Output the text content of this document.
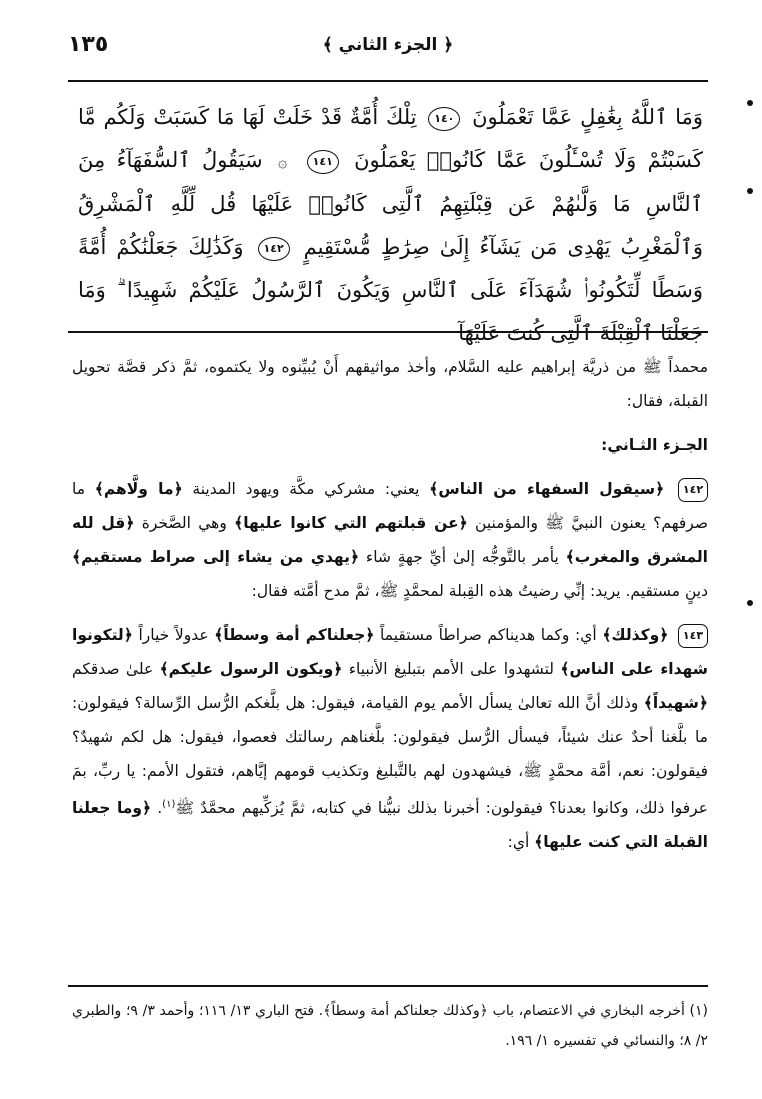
﴿ الجزء الثاني ﴾
١٣٥
وَمَا ٱللَّهُ بِغَٰفِلٍ عَمَّا تَعْمَلُونَ ١٤٠ تِلْكَ أُمَّةٌ قَدْ خَلَتْ لَهَا مَا كَسَبَتْ وَلَكُم مَّا كَسَبْتُمْ وَلَا تُسْـَٔلُونَ عَمَّا كَانُوا۟ يَعْمَلُونَ ١٤١ ۞ سَيَقُولُ ٱلسُّفَهَآءُ مِنَ ٱلنَّاسِ مَا وَلَّىٰهُمْ عَن قِبْلَتِهِمُ ٱلَّتِى كَانُوا۟ عَلَيْهَا قُل لِّلَّهِ ٱلْمَشْرِقُ وَٱلْمَغْرِبُ يَهْدِى مَن يَشَآءُ إِلَىٰ صِرَٰطٍ مُّسْتَقِيمٍ ١٤٢ وَكَذَٰلِكَ جَعَلْنَٰكُمْ أُمَّةً وَسَطًا لِّتَكُونُوا۟ شُهَدَآءَ عَلَى ٱلنَّاسِ وَيَكُونَ ٱلرَّسُولُ عَلَيْكُمْ شَهِيدًا ۗ وَمَا جَعَلْنَا ٱلْقِبْلَةَ ٱلَّتِى كُنتَ عَلَيْهَآ

محمداً ﷺ من ذريَّة إبراهيم عليه السَّلام، وأخذ مواثيقهم أَنْ يُبيِّنوه ولا يكتموه، ثمَّ ذكر قصَّة تحويل القبلة، فقال:

الجـزء الثـاني:

١٤٢ ﴿سيقول السفهاء من الناس﴾ يعني: مشركي مكَّة ويهود المدينة ﴿ما ولَّاهم﴾ ما صرفهم؟ يعنون النبيَّ ﷺ والمؤمنين ﴿عن قبلتهم التي كانوا عليها﴾ وهي الصَّخرة ﴿قل لله المشرق والمغرب﴾ يأمر بالتَّوجُّه إلىٰ أيِّ جهةٍ شاء ﴿يهدي من يشاء إلى صراط مستقيم﴾ دينٍ مستقيم. يريد: إنِّي رضيتُ هذه القِبلة لمحمَّدٍ ﷺ، ثمَّ مدح أمَّته فقال:

١٤٣ ﴿وكذلك﴾ أي: وكما هديناكم صراطاً مستقيماً ﴿جعلناكم أمة وسطاً﴾ عدولاً خياراً ﴿لتكونوا شهداء على الناس﴾ لتشهدوا على الأمم بتبليغ الأنبياء ﴿ويكون الرسول عليكم﴾ علىٰ صدقكم ﴿شهيداً﴾ وذلك أنَّ الله تعالىٰ يسأل الأمم يوم القيامة، فيقول: هل بلَّغكم الرُّسل الرِّسالة؟ فيقولون: ما بلَّغنا أحدٌ عنك شيئاً، فيسأل الرُّسل فيقولون: بلَّغناهم رسالتك فعصوا، فيقول: هل لكم شهيدٌ؟ فيقولون: نعم، أمَّة محمَّدٍ ﷺ، فيشهدون لهم بالتَّبليغ وتكذيب قومهم إيَّاهم، فتقول الأمم: يا ربِّ، بمَ عرفوا ذلك، وكانوا بعدنا؟ فيقولون: أخبرنا بذلك نبيُّنا في كتابه، ثمَّ يُزكِّيهم محمَّدٌ ﷺ$^{(١)}$. ﴿وما جعلنا القبلة التي كنت عليها﴾ أي:

(١) أخرجه البخاري في الاعتصام، باب ﴿وكذلك جعلناكم أمة وسطاً﴾. فتح الباري ١٣/ ١١٦؛ وأحمد ٣/ ٩؛ والطبري ٢/ ٨؛ والنسائي في تفسيره ١/ ١٩٦.
